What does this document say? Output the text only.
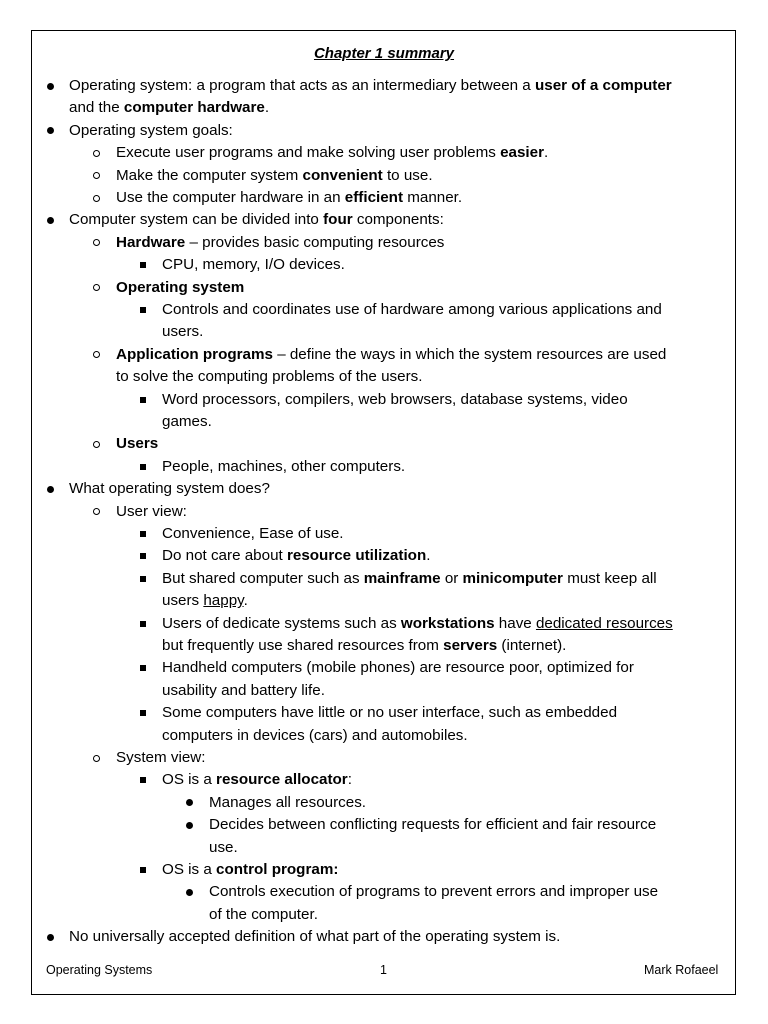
Chapter 1 summary
Operating system: a program that acts as an intermediary between a user of a computer
and the computer hardware.
Operating system goals:
Execute user programs and make solving user problems easier.
Make the computer system convenient to use.
Use the computer hardware in an efficient manner.
Computer system can be divided into four components:
Hardware – provides basic computing resources
CPU, memory, I/O devices.
Operating system
Controls and coordinates use of hardware among various applications and
users.
Application programs – define the ways in which the system resources are used
to solve the computing problems of the users.
Word processors, compilers, web browsers, database systems, video
games.
Users
People, machines, other computers.
What operating system does?
User view:
Convenience, Ease of use.
Do not care about resource utilization.
But shared computer such as mainframe or minicomputer must keep all
users happy.
Users of dedicate systems such as workstations have dedicated resources
but frequently use shared resources from servers (internet).
Handheld computers (mobile phones) are resource poor, optimized for
usability and battery life.
Some computers have little or no user interface, such as embedded
computers in devices (cars) and automobiles.
System view:
OS is a resource allocator:
Manages all resources.
Decides between conflicting requests for efficient and fair resource
use.
OS is a control program:
Controls execution of programs to prevent errors and improper use
of the computer.
No universally accepted definition of what part of the operating system is.
Operating Systems	1	Mark Rofaeel
